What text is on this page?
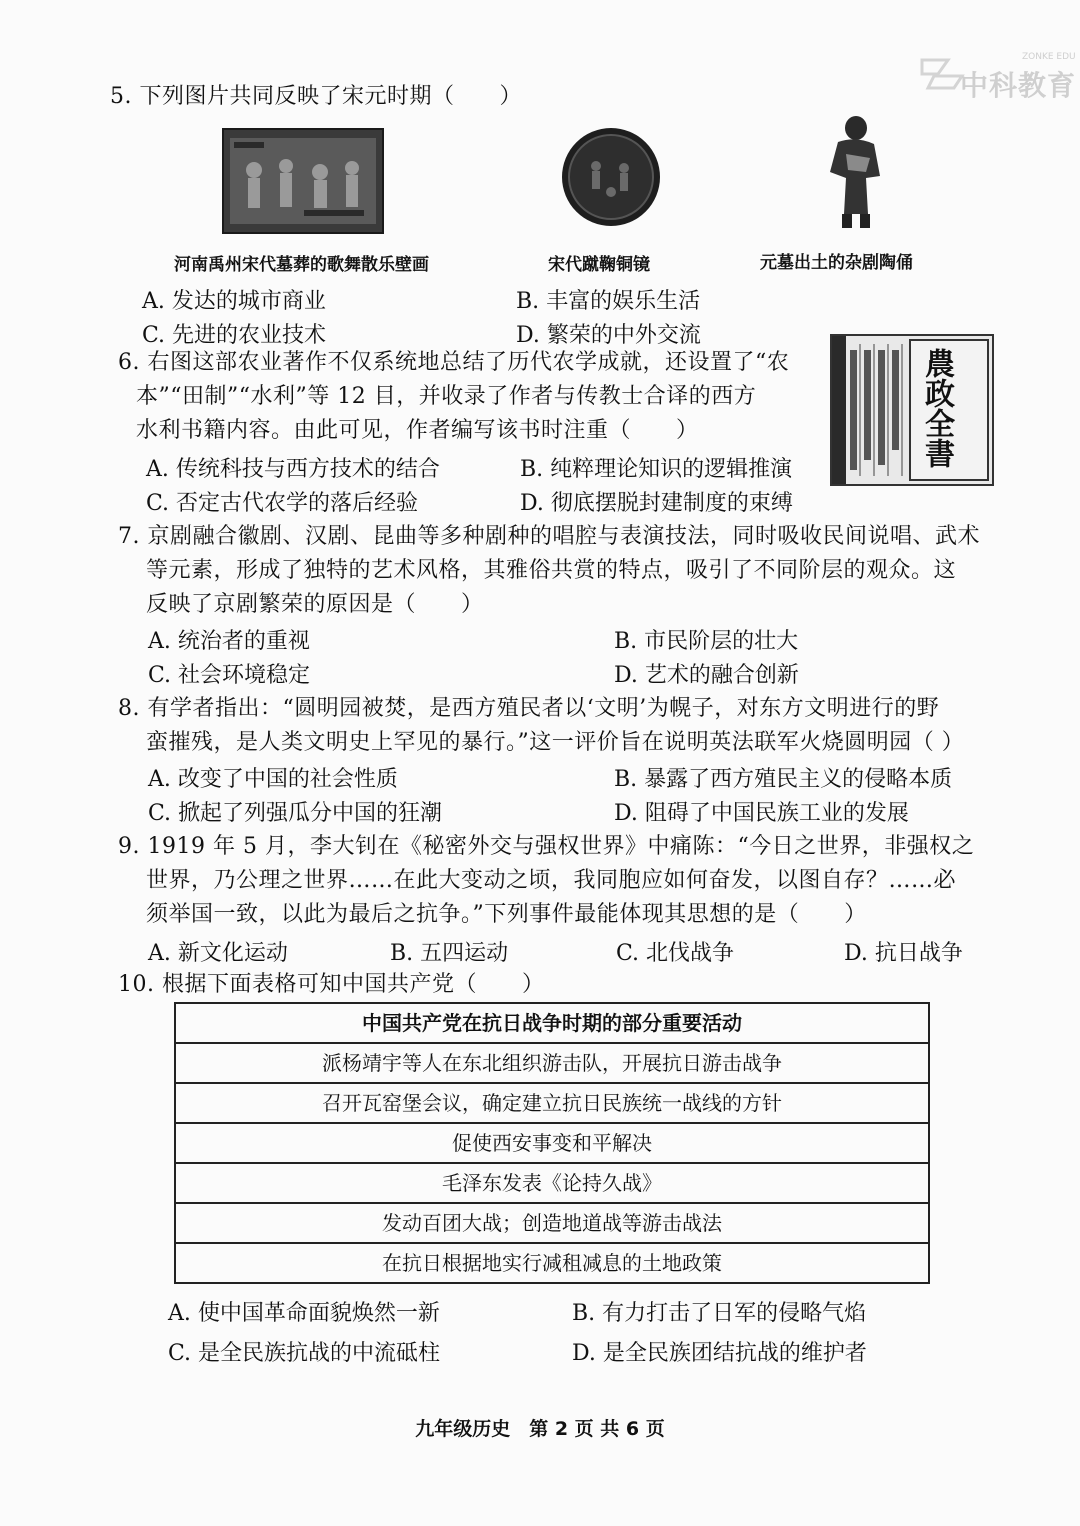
ZONKE EDU
中科教育
5. 下列图片共同反映了宋元时期（　　）
河南禹州宋代墓葬的歌舞散乐壁画	宋代蹴鞠铜镜	元墓出土的杂剧陶俑
A. 发达的城市商业	B. 丰富的娱乐生活
C. 先进的农业技术	D. 繁荣的中外交流
6. 右图这部农业著作不仅系统地总结了历代农学成就，还设置了“农
本”“田制”“水利”等 12 目，并收录了作者与传教士合译的西方
水利书籍内容。由此可见，作者编写该书时注重（　　）	農政全書
A. 传统科技与西方技术的结合	B. 纯粹理论知识的逻辑推演
C. 否定古代农学的落后经验	D. 彻底摆脱封建制度的束缚
7. 京剧融合徽剧、汉剧、昆曲等多种剧种的唱腔与表演技法，同时吸收民间说唱、武术
等元素，形成了独特的艺术风格，其雅俗共赏的特点，吸引了不同阶层的观众。这
反映了京剧繁荣的原因是（　　）
A. 统治者的重视	B. 市民阶层的壮大
C. 社会环境稳定	D. 艺术的融合创新
8. 有学者指出：“圆明园被焚，是西方殖民者以‘文明’为幌子，对东方文明进行的野
蛮摧残，是人类文明史上罕见的暴行。”这一评价旨在说明英法联军火烧圆明园（ ）
A. 改变了中国的社会性质	B. 暴露了西方殖民主义的侵略本质
C. 掀起了列强瓜分中国的狂潮	D. 阻碍了中国民族工业的发展
9. 1919 年 5 月，李大钊在《秘密外交与强权世界》中痛陈：“今日之世界，非强权之
世界，乃公理之世界……在此大变动之顷，我同胞应如何奋发，以图自存？……必
须举国一致，以此为最后之抗争。”下列事件最能体现其思想的是（　　）
A. 新文化运动	B. 五四运动	C. 北伐战争	D. 抗日战争
10. 根据下面表格可知中国共产党（　　）
中国共产党在抗日战争时期的部分重要活动
派杨靖宇等人在东北组织游击队，开展抗日游击战争
召开瓦窑堡会议，确定建立抗日民族统一战线的方针
促使西安事变和平解决
毛泽东发表《论持久战》
发动百团大战；创造地道战等游击战法
在抗日根据地实行减租减息的土地政策
A. 使中国革命面貌焕然一新	B. 有力打击了日军的侵略气焰
C. 是全民族抗战的中流砥柱	D. 是全民族团结抗战的维护者
九年级历史　第 2 页 共 6 页
